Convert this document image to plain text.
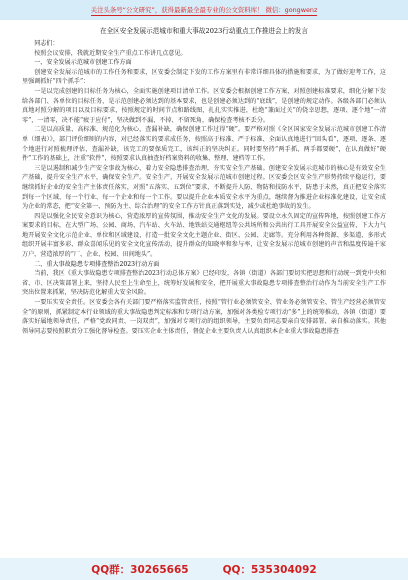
关注头条号“公文研究”，获得最新最全最专业的公文资料库！ 微信：gongwenz
在全区安全发展示范城市和重大事故2023行动重点工作推进会上的发言

同志们：

按照会议安排，我就近期安全生产重点工作讲几点意见。

一、安全发展示范城市创建工作方面

创建安全发展示范城市的工作任务和要求，区安委会制定下发的工作方案里有非常详细具体的措施和要求，为了做好迎考工作，这里强调抓好“四个抓手”：

一是以完成创建的目标任务为核心，全面实施创建项目清单工作。区安委会根据创建工作方案，对照创建标准要求，细化分解下发给各部门、各单位的目标任务，是示范创建必须达到的基本要求，也是创建必须达到的“底线”，是创建的规定动作。各级各部门必须认真地对照分解的项目以及目标要求，按照规定的时间节点和路线图，扎扎实实推进，杜绝“兼面过关”的侥幸思想，逐项、逐个地“一清零”，一清零，决不能“疲于应付”，坚决做到不漏、不掉、不留死角，确保检查考核不丢分。

二是以高质量、高标准、规范化为核心，查漏补缺，确保创建工作过得“硬”。要严格对照《全区国家安全发展示范城市创建工作清单（细表）》，部门评价细则的内容，对已经落实的要求成任务，按照高于标准、严于标准、全面认真地进行“回头看”，逐项、逐条、逐个地进行对照梳理评估，查漏补缺，该完工的要保质完工，该纠正的坚决纠正。同时要坚持“两手抓、两手都要硬”，在认真做好“硬件”工作的基础上，注重“软件”，按照要求认真抽查好档案资料的收集、整理、建档等工作。

三是以遏制和减少生产安全事故为核心，着力安全隐患排查治理，夯实安全生产基础。创建安全发展示范城市的核心是有效安全生产基础，提升安全生产水平，确保安全生产。安全生产，开展安全发展示范城市创建过程。区安委会区安全生产形势持续平稳运行，要继续抓好企业的安全生产主体责任落实，对照“五落实、五到位”要求，不断提升人防、物防和技防水平，防患于未然，真正把安全落实到每一个区域、每一个行业、每一个企业和每一个工作。要以提升企业本质安全水平为重点，继续督为推进企业标准化建设，让安全成为企业的常态，把“安全第一、预防为主、综合治理”的安全工作方针真正落到实处，减少或杜绝事故的发生。

四是以强化全民安全意识为核心，营造浓厚的宣传氛围，推动安全生产文化的发展。要设立永久固定的宣传阵地，按照创建工作方案要求的目标，在大型广场、公园、商场、汽车站、火车站、地铁站交通枢纽等公共场所和公共出行工具开展安全公益宣传，下大力气地开展安全文化示范企业、单位和区域建设，打造一批安全文化主题企业、街区、公园、走廊等。充分利用各种资源、多渠道、多形式组织开展丰富多彩、群众喜闻乐见的安全文化宣传活动，提升群众的知晓率和参与率，让安全发展示范城市创建的声音和温度传遍千家万户，营造浓厚的“厂、企业、校园、田间地头”。

二、重大事故隐患专项排查整治2023行动方面

当前，我区《重大事故隐患专项排查整治2023行动总体方案》已经印发，各镇（街道）各部门要切实把思想和行动统一到党中央和省、市、区决策部署上来，坚持人民至上生命至上，统筹好发展和安全，把开展重大事故隐患专项排查整治行动作为当前安全生产工作突出位置来抓紧，坚决防范化解重大安全风险。

一要压实安全责任。区安委会各有关部门要严格落实监管责任，按照“管行业必须管安全、管业务必须管安全、管生产经营必须管安全”的原则，抓紧制定本行业领域的重大事故隐患判定标准和专项行动方案，加强对各类检专项行动“多”上的统筹推动，各镇（街道）要落实好属地领导责任，严格“党政同责、一岗双责”，加强对专项行动的组织领导，主要负责同志要亲自安排部署、亲自推动落实。其他领导同志要按照职责分工强化督导检查。要压实企业主体责任，督促企业主要负责人认真组织本企业重大事故隐患排查

QQ群：30265665	QQ：535304092
